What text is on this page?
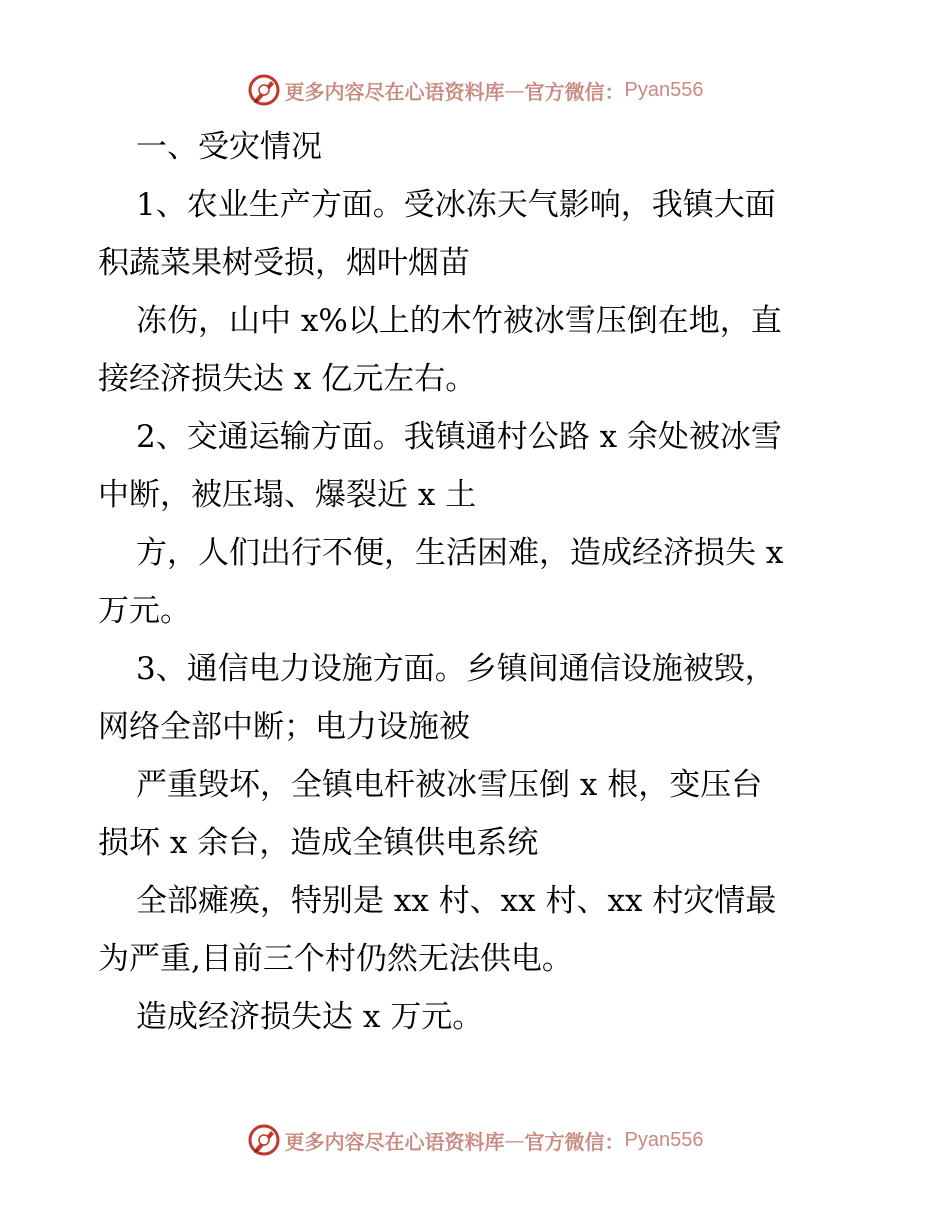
更多内容尽在心语资料库 — 官方微信： Pyan556

一、受灾情况

1、农业生产方面。受冰冻天气影响，我镇大面

积蔬菜果树受损，烟叶烟苗

冻伤，山中 x%以上的木竹被冰雪压倒在地，直

接经济损失达 x 亿元左右。

2、交通运输方面。我镇通村公路 x 余处被冰雪

中断，被压塌、爆裂近 x 土

方，人们出行不便，生活困难，造成经济损失 x

万元。

3、通信电力设施方面。乡镇间通信设施被毁，

网络全部中断；电力设施被

严重毁坏，全镇电杆被冰雪压倒 x 根，变压台

损坏 x 余台，造成全镇供电系统

全部瘫痪，特别是 xx 村、xx 村、xx 村灾情最

为严重,目前三个村仍然无法供电。

造成经济损失达 x 万元。

更多内容尽在心语资料库 — 官方微信： Pyan556
